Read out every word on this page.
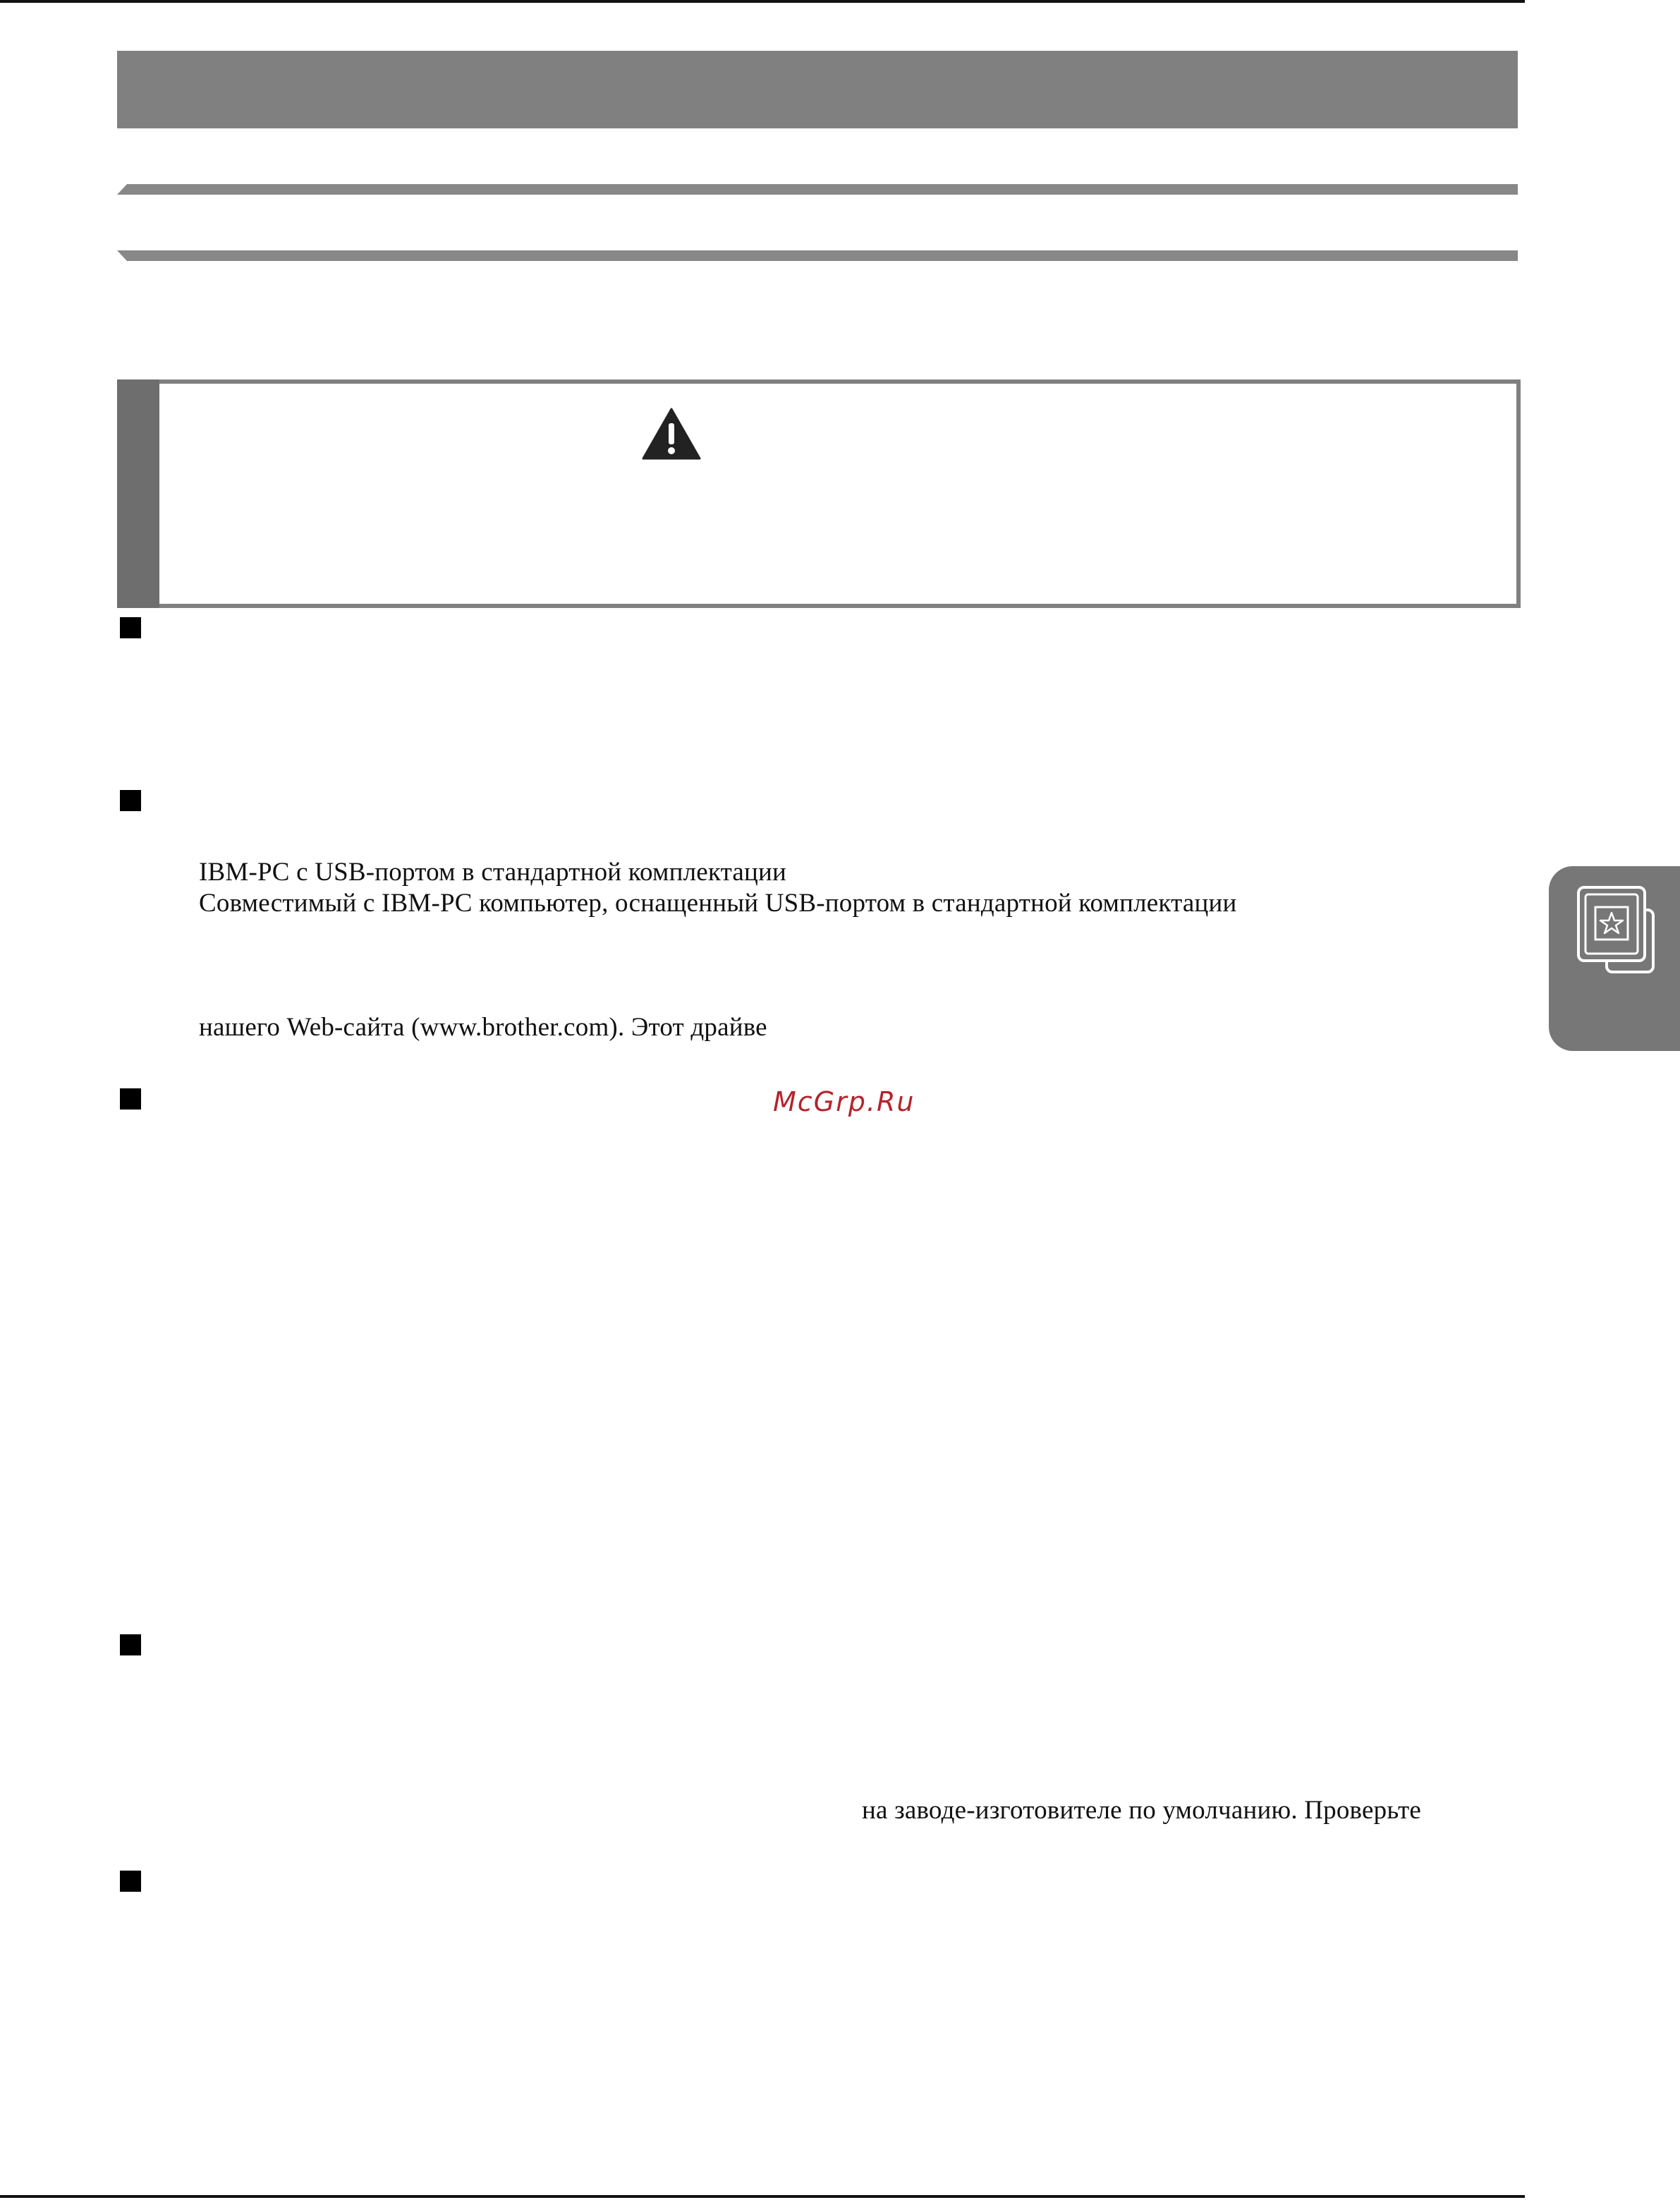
IBM-PC с USB-портом в стандартной комплектации
Совместимый с IBM-PC компьютер, оснащенный USB-портом в стандартной комплектации
нашего Web-сайта (www.brother.com). Этот драйве
McGrp.Ru
на заводе-изготовителе по умолчанию. Проверьте
